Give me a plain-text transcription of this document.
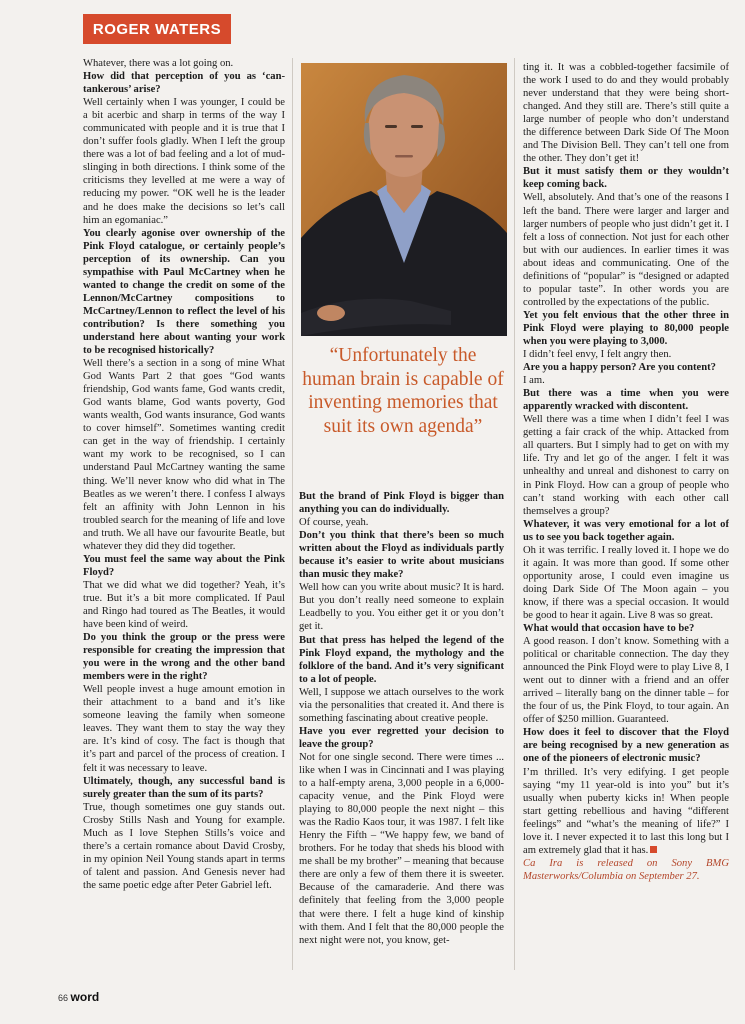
ROGER WATERS

Whatever, there was a lot going on.

How did that perception of you as ‘can-tankerous’ arise?

Well certainly when I was younger, I could be a bit acerbic and sharp in terms of the way I communicated with people and it is true that I don’t suffer fools gladly. When I left the group there was a lot of bad feeling and a lot of mud-slinging in both directions. I think some of the criticisms they levelled at me were a way of reducing my power. “OK well he is the leader and he does make the decisions so let’s call him an egomaniac.”

You clearly agonise over ownership of the Pink Floyd catalogue, or certainly people’s perception of its ownership. Can you sympathise with Paul McCartney when he wanted to change the credit on some of the Lennon/McCartney compositions to McCartney/Lennon to reflect the level of his contribution? Is there something you understand here about wanting your work to be recognised historically?

Well there’s a section in a song of mine What God Wants Part 2 that goes “God wants friendship, God wants fame, God wants credit, God wants blame, God wants poverty, God wants wealth, God wants insurance, God wants to cover himself”. Sometimes wanting credit can get in the way of friendship. I certainly want my work to be recognised, so I can understand Paul McCartney wanting the same thing. We’ll never know who did what in The Beatles as we weren’t there. I confess I always felt an affinity with John Lennon in his troubled search for the meaning of life and love and truth. We all have our favourite Beatle, but whatever they did they did together.

You must feel the same way about the Pink Floyd?

That we did what we did together? Yeah, it’s true. But it’s a bit more complicated. If Paul and Ringo had toured as The Beatles, it would have been kind of weird.

Do you think the group or the press were responsible for creating the impression that you were in the wrong and the other band members were in the right?

Well people invest a huge amount emotion in their attachment to a band and it’s like someone leaving the family when someone leaves. They want them to stay the way they are. It’s kind of cosy. The fact is though that it’s part and parcel of the process of creation. I felt it was necessary to leave.

Ultimately, though, any successful band is surely greater than the sum of its parts?

True, though sometimes one guy stands out. Crosby Stills Nash and Young for example. Much as I love Stephen Stills’s voice and there’s a certain romance about David Crosby, in my opinion Neil Young stands apart in terms of talent and passion. And Genesis never had the same poetic edge after Peter Gabriel left.

“Unfortunately the human brain is capable of inventing memories that suit its own agenda”

But the brand of Pink Floyd is bigger than anything you can do individually.

Of course, yeah.

Don’t you think that there’s been so much written about the Floyd as individuals partly because it’s easier to write about musicians than music they make?

Well how can you write about music? It is hard. But you don’t really need someone to explain Leadbelly to you. You either get it or you don’t get it.

But that press has helped the legend of the Pink Floyd expand, the mythology and the folklore of the band. And it’s very significant to a lot of people.

Well, I suppose we attach ourselves to the work via the personalities that created it. And there is something fascinating about creative people.

Have you ever regretted your decision to leave the group?

Not for one single second. There were times ... like when I was in Cincinnati and I was playing to a half-empty arena, 3,000 people in a 6,000-capacity venue, and the Pink Floyd were playing to 80,000 people the next night – this was the Radio Kaos tour, it was 1987. I felt like Henry the Fifth – “We happy few, we band of brothers. For he today that sheds his blood with me shall be my brother” – meaning that because there are only a few of them there it is sweeter. Because of the camaraderie. And there was definitely that feeling from the 3,000 people that were there. I felt a huge kind of kinship with them. And I felt that the 80,000 people the next night were not, you know, get-

ting it. It was a cobbled-together facsimile of the work I used to do and they would probably never understand that they were being short-changed. And they still are. There’s still quite a large number of people who don’t understand the difference between Dark Side Of The Moon and The Division Bell. They can’t tell one from the other. They don’t get it!

But it must satisfy them or they wouldn’t keep coming back.

Well, absolutely. And that’s one of the reasons I left the band. There were larger and larger and larger numbers of people who just didn’t get it. I felt a loss of connection. Not just for each other but with our audiences. In earlier times it was about ideas and communicating. One of the definitions of “popular” is “designed or adapted to popular taste”. In other words you are controlled by the expectations of the public.

Yet you felt envious that the other three in Pink Floyd were playing to 80,000 people when you were playing to 3,000.

I didn’t feel envy, I felt angry then.

Are you a happy person? Are you content?

I am.

But there was a time when you were apparently wracked with discontent.

Well there was a time when I didn’t feel I was getting a fair crack of the whip. Attacked from all quarters. But I simply had to get on with my life. Try and let go of the anger. I felt it was unhealthy and unreal and dishonest to carry on in Pink Floyd. How can a group of people who can’t stand working with each other call themselves a group?

Whatever, it was very emotional for a lot of us to see you back together again.

Oh it was terrific. I really loved it. I hope we do it again. It was more than good. If some other opportunity arose, I could even imagine us doing Dark Side Of The Moon again – you know, if there was a special occasion. It would be good to hear it again. Live 8 was so great.

What would that occasion have to be?

A good reason. I don’t know. Something with a political or charitable connection. The day they announced the Pink Floyd were to play Live 8, I went out to dinner with a friend and an offer arrived – literally bang on the dinner table – for the four of us, the Pink Floyd, to tour again. An offer of $250 million. Guaranteed.

How does it feel to discover that the Floyd are being recognised by a new generation as one of the pioneers of electronic music?

I’m thrilled. It’s very edifying. I get people saying “my 11 year-old is into you” but it’s usually when puberty kicks in! When people start getting rebellious and having “different feelings” and “what’s the meaning of life?” I love it. I never expected it to last this long but I am extremely glad that it has.

Ca Ira is released on Sony BMG Masterworks/Columbia on September 27.

66 word
